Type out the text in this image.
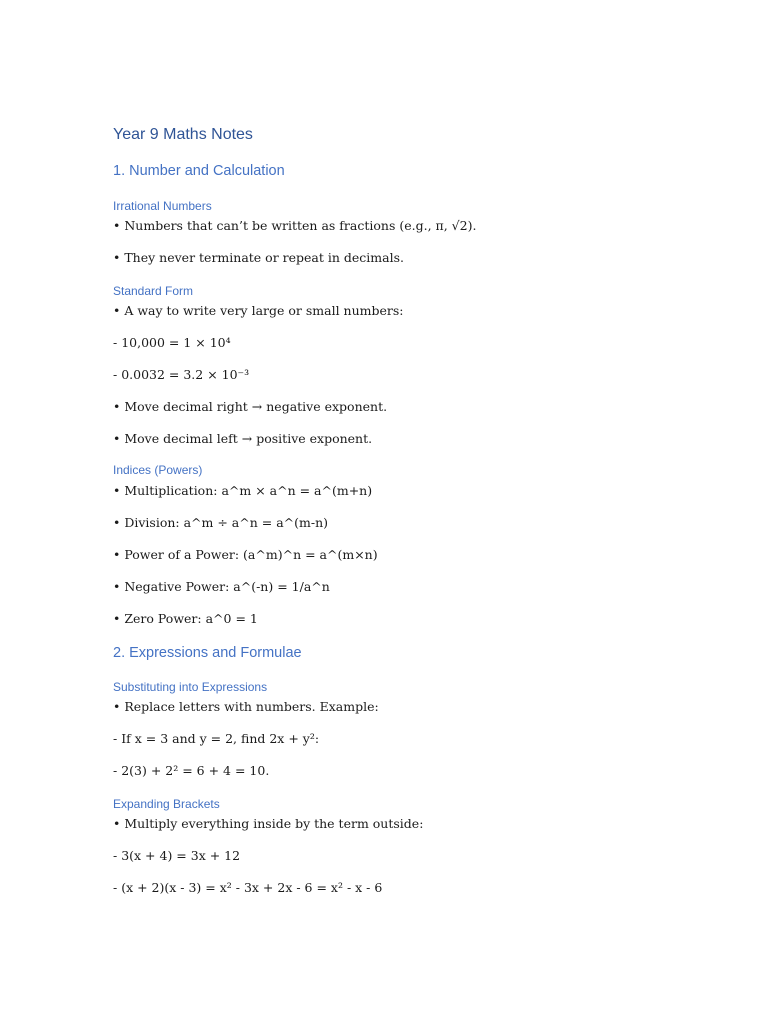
Year 9 Maths Notes
1. Number and Calculation
Irrational Numbers

• Numbers that can’t be written as fractions (e.g., π, √2).

• They never terminate or repeat in decimals.

Standard Form

• A way to write very large or small numbers:

- 10,000 = 1 × 10⁴

- 0.0032 = 3.2 × 10⁻³

• Move decimal right → negative exponent.

• Move decimal left → positive exponent.

Indices (Powers)

• Multiplication: a^m × a^n = a^(m+n)

• Division: a^m ÷ a^n = a^(m-n)

• Power of a Power: (a^m)^n = a^(m×n)

• Negative Power: a^(-n) = 1/a^n

• Zero Power: a^0 = 1

2. Expressions and Formulae
Substituting into Expressions

• Replace letters with numbers. Example:

- If x = 3 and y = 2, find 2x + y²:

- 2(3) + 2² = 6 + 4 = 10.

Expanding Brackets

• Multiply everything inside by the term outside:

- 3(x + 4) = 3x + 12

- (x + 2)(x - 3) = x² - 3x + 2x - 6 = x² - x - 6
